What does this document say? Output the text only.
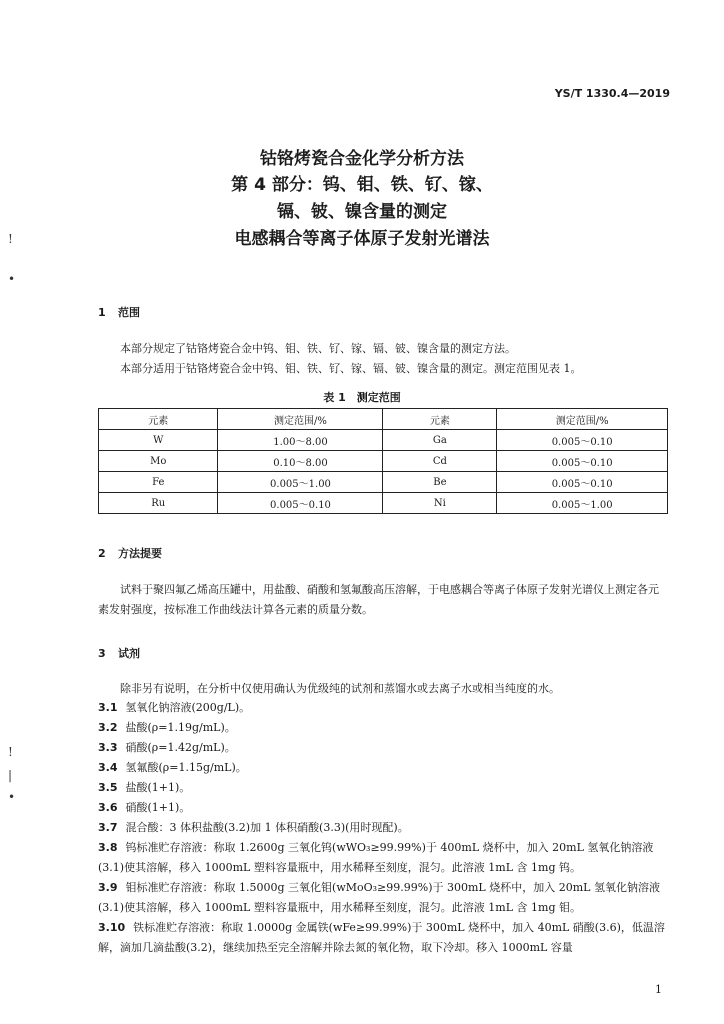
YS/T 1330.4—2019
钴铬烤瓷合金化学分析方法
第 4 部分：钨、钼、铁、钌、镓、
镉、铍、镍含量的测定
电感耦合等离子体原子发射光谱法
1 范围
本部分规定了钴铬烤瓷合金中钨、钼、铁、钌、镓、镉、铍、镍含量的测定方法。
本部分适用于钴铬烤瓷合金中钨、钼、铁、钌、镓、镉、铍、镍含量的测定。测定范围见表 1。
表 1　测定范围
元素	测定范围/%	元素	测定范围/%
W	1.00～8.00	Ga	0.005～0.10
Mo	0.10～8.00	Cd	0.005～0.10
Fe	0.005～1.00	Be	0.005～0.10
Ru	0.005～0.10	Ni	0.005～1.00
2 方法提要
试料于聚四氟乙烯高压罐中，用盐酸、硝酸和氢氟酸高压溶解，于电感耦合等离子体原子发射光谱仪上测定各元素发射强度，按标准工作曲线法计算各元素的质量分数。
3 试剂
除非另有说明，在分析中仅使用确认为优级纯的试剂和蒸馏水或去离子水或相当纯度的水。
3.1 氢氧化钠溶液(200g/L)。
3.2 盐酸(ρ=1.19g/mL)。
3.3 硝酸(ρ=1.42g/mL)。
3.4 氢氟酸(ρ=1.15g/mL)。
3.5 盐酸(1+1)。
3.6 硝酸(1+1)。
3.7 混合酸：3 体积盐酸(3.2)加 1 体积硝酸(3.3)(用时现配)。
3.8 钨标准贮存溶液：称取 1.2600g 三氧化钨(wWO₃≥99.99%)于 400mL 烧杯中，加入 20mL 氢氧化钠溶液(3.1)使其溶解，移入 1000mL 塑料容量瓶中，用水稀释至刻度，混匀。此溶液 1mL 含 1mg 钨。
3.9 钼标准贮存溶液：称取 1.5000g 三氧化钼(wMoO₃≥99.99%)于 300mL 烧杯中，加入 20mL 氢氧化钠溶液(3.1)使其溶解，移入 1000mL 塑料容量瓶中，用水稀释至刻度，混匀。此溶液 1mL 含 1mg 钼。
3.10 铁标准贮存溶液：称取 1.0000g 金属铁(wFe≥99.99%)于 300mL 烧杯中，加入 40mL 硝酸(3.6)，低温溶解，滴加几滴盐酸(3.2)，继续加热至完全溶解并除去氮的氧化物，取下冷却。移入 1000mL 容量
1
!
•
!
|
•
